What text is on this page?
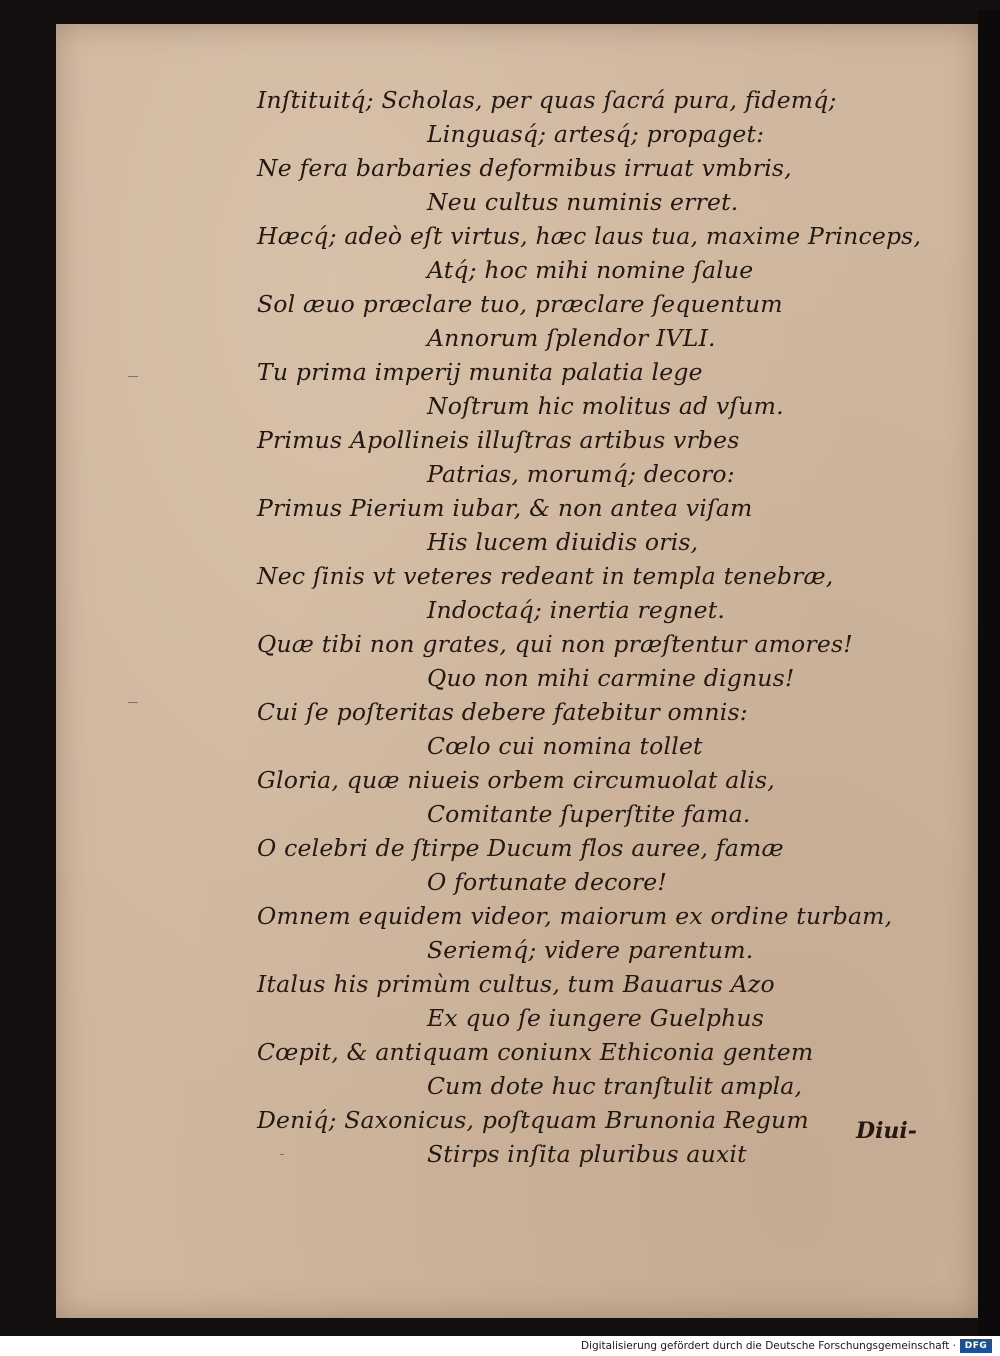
Inſtituitq́; Scholas, per quas ſacrá pura, fidemq́;
Linguasq́; artesq́; propaget:
Ne fera barbaries deformibus irruat vmbris,
Neu cultus numinis erret.
Hæcq́; adeò eſt virtus, hæc laus tua, maxime Princeps,
Atq́; hoc mihi nomine ſalue
Sol æuo præclare tuo, præclare ſequentum
Annorum ſplendor IVLI.
Tu prima imperij munita palatia lege
Noſtrum hic molitus ad vſum.
Primus Apollineis illuſtras artibus vrbes
Patrias, morumq́; decoro:
Primus Pierium iubar, & non antea viſam
His lucem diuidis oris,
Nec ſinis vt veteres redeant in templa tenebræ,
Indoctaq́; inertia regnet.
Quæ tibi non grates, qui non præſtentur amores!
Quo non mihi carmine dignus!
Cui ſe poſteritas debere fatebitur omnis:
Cœlo cui nomina tollet
Gloria, quæ niueis orbem circumuolat alis,
Comitante ſuperſtite fama.
O celebri de ſtirpe Ducum flos auree, famæ
O fortunate decore!
Omnem equidem videor, maiorum ex ordine turbam,
Seriemq́; videre parentum.
Italus his primùm cultus, tum Bauarus Azo
Ex quo ſe iungere Guelphus
Cœpit, & antiquam coniunx Ethiconia gentem
Cum dote huc tranſtulit ampla,
Deniq́; Saxonicus, poſtquam Brunonia Regum
Stirps inſita pluribus auxit
Diui-
Digitalisierung gefördert durch die Deutsche Forschungsgemeinschaft · DFG
